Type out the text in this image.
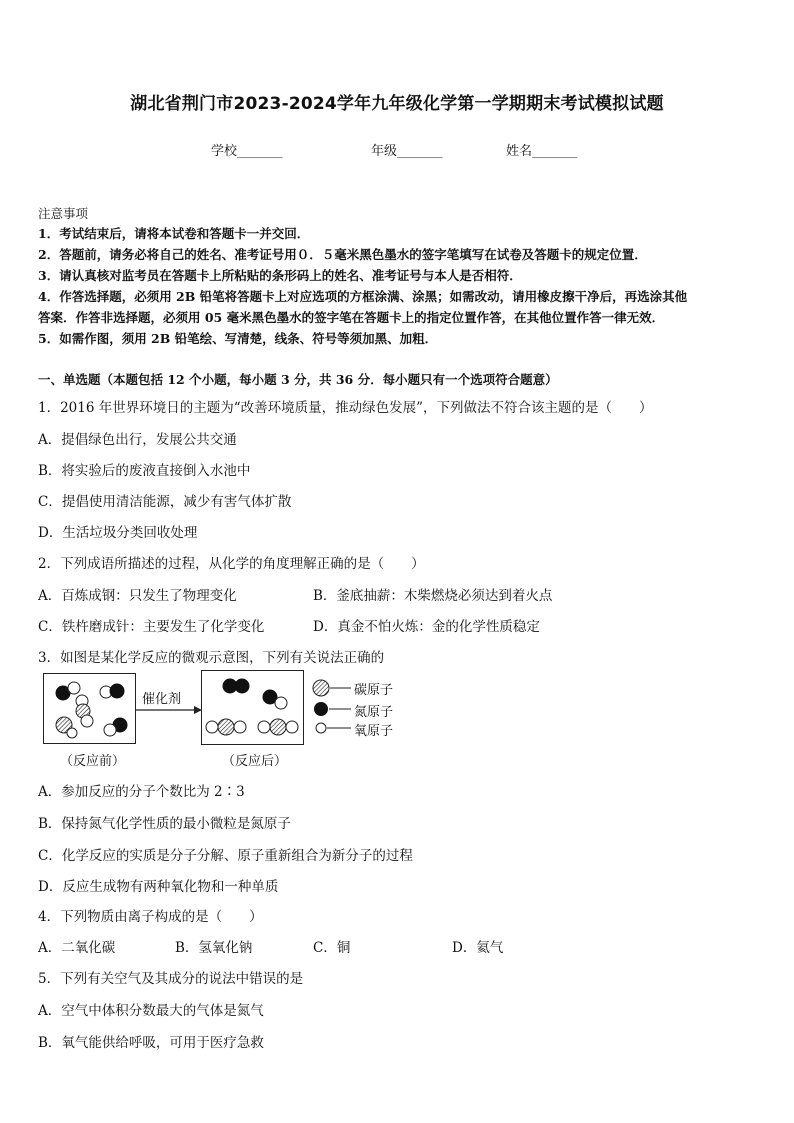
湖北省荆门市2023-2024学年九年级化学第一学期期末考试模拟试题
学校_______	年级_______	姓名_______
注意事项
1．考试结束后，请将本试卷和答题卡一并交回．
2．答题前，请务必将自己的姓名、准考证号用０．５毫米黑色墨水的签字笔填写在试卷及答题卡的规定位置．
3．请认真核对监考员在答题卡上所粘贴的条形码上的姓名、准考证号与本人是否相符．
4．作答选择题，必须用 2B 铅笔将答题卡上对应选项的方框涂满、涂黑；如需改动，请用橡皮擦干净后，再选涂其他
答案．作答非选择题，必须用 05 毫米黑色墨水的签字笔在答题卡上的指定位置作答，在其他位置作答一律无效．
5．如需作图，须用 2B 铅笔绘、写清楚，线条、符号等须加黑、加粗．
一、单选题（本题包括 12 个小题，每小题 3 分，共 36 分．每小题只有一个选项符合题意）
1．2016 年世界环境日的主题为“改善环境质量，推动绿色发展”，下列做法不符合该主题的是（　　）
A．提倡绿色出行，发展公共交通
B．将实验后的废液直接倒入水池中
C．提倡使用清洁能源，减少有害气体扩散
D．生活垃圾分类回收处理
2．下列成语所描述的过程，从化学的角度理解正确的是（　　）
A．百炼成钢：只发生了物理变化	B．釜底抽薪：木柴燃烧必须达到着火点
C．铁杵磨成针：主要发生了化学变化	D．真金不怕火炼：金的化学性质稳定
3．如图是某化学反应的微观示意图，下列有关说法正确的
催化剂
（反应前）	（反应后）
碳原子
氮原子
氧原子
A．参加反应的分子个数比为 2∶3
B．保持氮气化学性质的最小微粒是氮原子
C．化学反应的实质是分子分解、原子重新组合为新分子的过程
D．反应生成物有两种氧化物和一种单质
4．下列物质由离子构成的是（　　）
A．二氧化碳	B．氢氧化钠	C．铜	D．氦气
5．下列有关空气及其成分的说法中错误的是
A．空气中体积分数最大的气体是氮气
B．氧气能供给呼吸，可用于医疗急救
